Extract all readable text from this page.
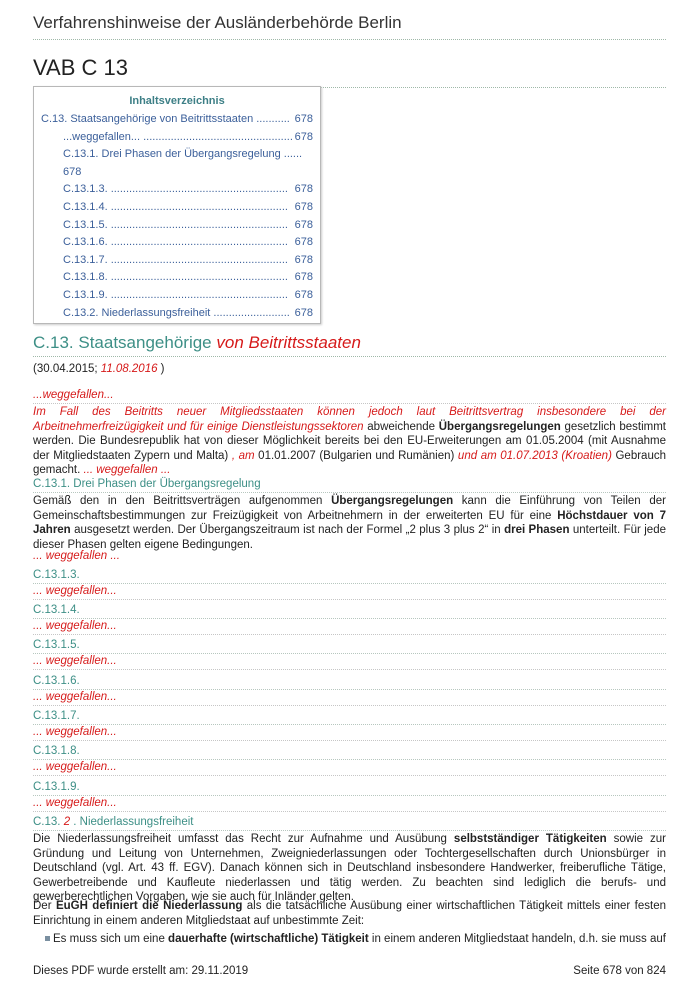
Verfahrenshinweise der Ausländerbehörde Berlin
VAB C 13
Inhaltsverzeichnis
C.13. Staatsangehörige von Beitrittsstaaten ........... 678
...weggefallen... ................................................. 678
C.13.1. Drei Phasen der Übergangsregelung ......
678
C.13.1.3. .......................................................... 678
C.13.1.4. .......................................................... 678
C.13.1.5. .......................................................... 678
C.13.1.6. .......................................................... 678
C.13.1.7. .......................................................... 678
C.13.1.8. .......................................................... 678
C.13.1.9. .......................................................... 678
C.13.2. Niederlassungsfreiheit ......................... 678
C.13. Staatsangehörige von Beitrittsstaaten
(30.04.2015; 11.08.2016 )
...weggefallen...
Im Fall des Beitritts neuer Mitgliedsstaaten können jedoch laut Beitrittsvertrag insbesondere bei der Arbeitnehmerfreizügigkeit und für einige Dienstleistungssektoren abweichende Übergangsregelungen gesetzlich bestimmt werden. Die Bundesrepublik hat von dieser Möglichkeit bereits bei den EU-Erweiterungen am 01.05.2004 (mit Ausnahme der Mitgliedstaaten Zypern und Malta) , am 01.01.2007 (Bulgarien und Rumänien) und am 01.07.2013 (Kroatien) Gebrauch gemacht. ... weggefallen ...
C.13.1. Drei Phasen der Übergangsregelung
Gemäß den in den Beitrittsverträgen aufgenommen Übergangsregelungen kann die Einführung von Teilen der Gemeinschaftsbestimmungen zur Freizügigkeit von Arbeitnehmern in der erweiterten EU für eine Höchstdauer von 7 Jahren ausgesetzt werden. Der Übergangszeitraum ist nach der Formel „2 plus 3 plus 2“ in drei Phasen unterteilt. Für jede dieser Phasen gelten eigene Bedingungen.
... weggefallen ...
C.13.1.3.
... weggefallen...
C.13.1.4.
... weggefallen...
C.13.1.5.
... weggefallen...
C.13.1.6.
... weggefallen...
C.13.1.7.
... weggefallen...
C.13.1.8.
... weggefallen...
C.13.1.9.
... weggefallen...
C.13. 2 . Niederlassungsfreiheit
Die Niederlassungsfreiheit umfasst das Recht zur Aufnahme und Ausübung selbstständiger Tätigkeiten sowie zur Gründung und Leitung von Unternehmen, Zweigniederlassungen oder Tochtergesellschaften durch Unionsbürger in Deutschland (vgl. Art. 43 ff. EGV). Danach können sich in Deutschland insbesondere Handwerker, freiberufliche Tätige, Gewerbetreibende und Kaufleute niederlassen und tätig werden. Zu beachten sind lediglich die berufs- und gewerberechtlichen Vorgaben, wie sie auch für Inländer gelten.
Der EuGH definiert die Niederlassung als die tatsächliche Ausübung einer wirtschaftlichen Tätigkeit mittels einer festen Einrichtung in einem anderen Mitgliedstaat auf unbestimmte Zeit:
Es muss sich um eine dauerhafte (wirtschaftliche) Tätigkeit in einem anderen Mitgliedstaat handeln, d.h. sie muss auf
Dieses PDF wurde erstellt am: 29.11.2019	Seite 678 von 824
